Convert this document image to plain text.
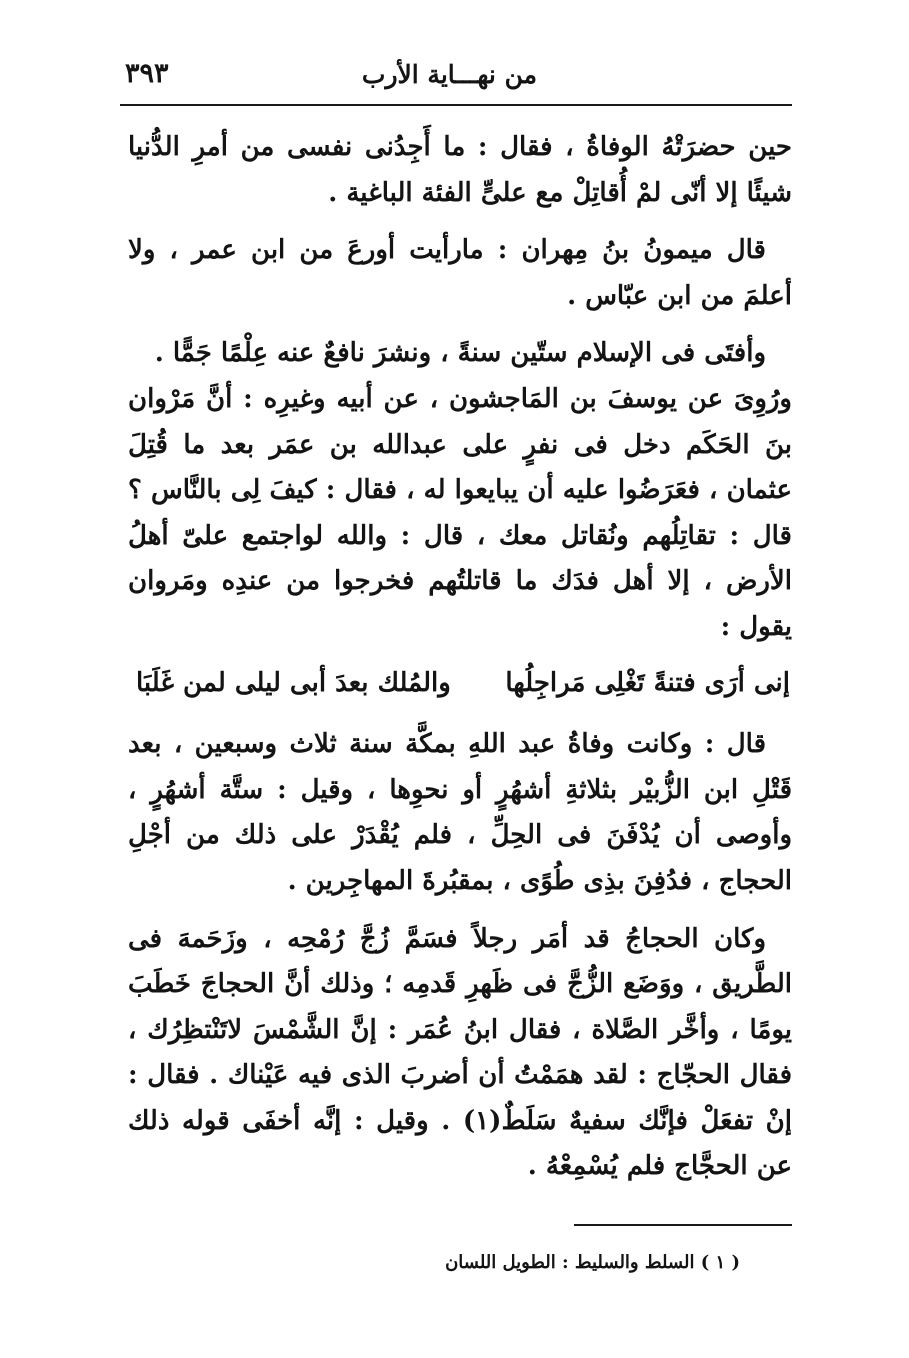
من نهـــاية الأرب
٣٩٣

حين حضرَتْهُ الوفاةُ ، فقال : ما أَجِدُنى نفسى من أمرِ الدُّنيا شيئًا إلا أنّى لمْ أُقاتِلْ مع علىٍّ الفئة الباغية .

قال ميمونُ بنُ مِهران : مارأيت أورعَ من ابن عمر ، ولا أعلمَ من ابن عبّاس .

وأفتَى فى الإسلام ستّين سنةً ، ونشرَ نافعٌ عنه عِلْمًا جَمًّا .

ورُوِىَ عن يوسفَ بن المَاجشون ، عن أبيه وغيرِه : أنَّ مَرْوان بنَ الحَكَم دخل فى نفرٍ على عبدالله بن عمَر بعد ما قُتِلَ عثمان ، فعَرَضُوا عليه أن يبايعوا له ، فقال : كيفَ لِى بالنَّاس ؟ قال : تقاتِلُهم ونُقاتل معك ، قال : والله لواجتمع علىّ أهلُ الأرض ، إلا أهل فدَك ما قاتلتُهم فخرجوا من عندِه ومَروان يقول :

إنى أرَى فتنةً تَغْلِى مَراجِلُها
والمُلك بعدَ أبى ليلى لمن غَلَبَا

قال : وكانت وفاةُ عبد اللهِ بمكَّة سنة ثلاث وسبعين ، بعد قَتْلِ ابن الزُّبيْر بثلاثةِ أشهُرٍ أو نحوِها ، وقيل : ستَّة أشهُرٍ ، وأوصى أن يُدْفَنَ فى الحِلِّ ، فلم يُقْدَرْ على ذلك من أجْلِ الحجاج ، فدُفِنَ بذِى طُوًى ، بمقبُرةَ المهاجِرين .

وكان الحجاجُ قد أمَر رجلاً فسَمَّ زُجَّ رُمْحِه ، وزَحَمهَ فى الطَّريق ، ووَضَع الزُّجَّ فى ظَهرِ قَدمِه ؛ وذلك أنَّ الحجاجَ خَطَبَ يومًا ، وأخَّر الصَّلاة ، فقال ابنُ عُمَر : إنَّ الشَّمْسَ لاتَنْتظِرُك ، فقال الحجّاج : لقد همَمْتُ أن أضربَ الذى فيه عَيْناك . فقال : إنْ تفعَلْ فإنَّك سفيهٌ سَلَطٌ(١) . وقيل : إنَّه أخفَى قوله ذلك عن الحجَّاج فلم يُسْمِعْهُ .

( ١ ) السلط والسليط : الطويل اللسان
